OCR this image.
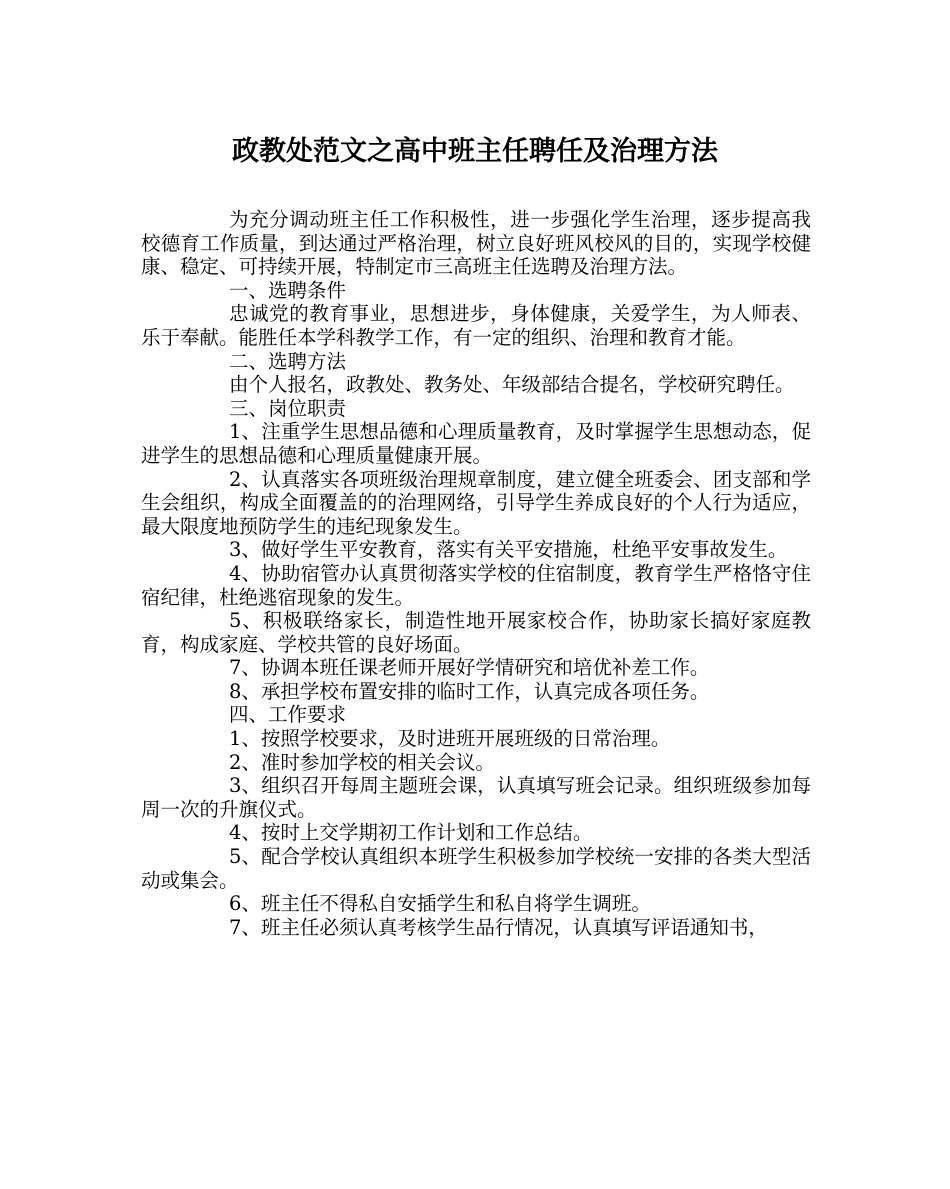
政教处范文之高中班主任聘任及治理方法

为充分调动班主任工作积极性，进一步强化学生治理，逐步提高我校德育工作质量，到达通过严格治理，树立良好班风校风的目的，实现学校健康、稳定、可持续开展，特制定市三高班主任选聘及治理方法。

一、选聘条件

忠诚党的教育事业，思想进步，身体健康，关爱学生，为人师表、乐于奉献。能胜任本学科教学工作，有一定的组织、治理和教育才能。

二、选聘方法

由个人报名，政教处、教务处、年级部结合提名，学校研究聘任。

三、岗位职责

1、注重学生思想品德和心理质量教育，及时掌握学生思想动态，促进学生的思想品德和心理质量健康开展。

2、认真落实各项班级治理规章制度，建立健全班委会、团支部和学生会组织，构成全面覆盖的的治理网络，引导学生养成良好的个人行为适应，最大限度地预防学生的违纪现象发生。

3、做好学生平安教育，落实有关平安措施，杜绝平安事故发生。

4、协助宿管办认真贯彻落实学校的住宿制度，教育学生严格恪守住宿纪律，杜绝逃宿现象的发生。

5、积极联络家长，制造性地开展家校合作，协助家长搞好家庭教育，构成家庭、学校共管的良好场面。

7、协调本班任课老师开展好学情研究和培优补差工作。

8、承担学校布置安排的临时工作，认真完成各项任务。

四、工作要求

1、按照学校要求，及时进班开展班级的日常治理。

2、准时参加学校的相关会议。

3、组织召开每周主题班会课，认真填写班会记录。组织班级参加每周一次的升旗仪式。

4、按时上交学期初工作计划和工作总结。

5、配合学校认真组织本班学生积极参加学校统一安排的各类大型活动或集会。

6、班主任不得私自安插学生和私自将学生调班。

7、班主任必须认真考核学生品行情况，认真填写评语通知书，
